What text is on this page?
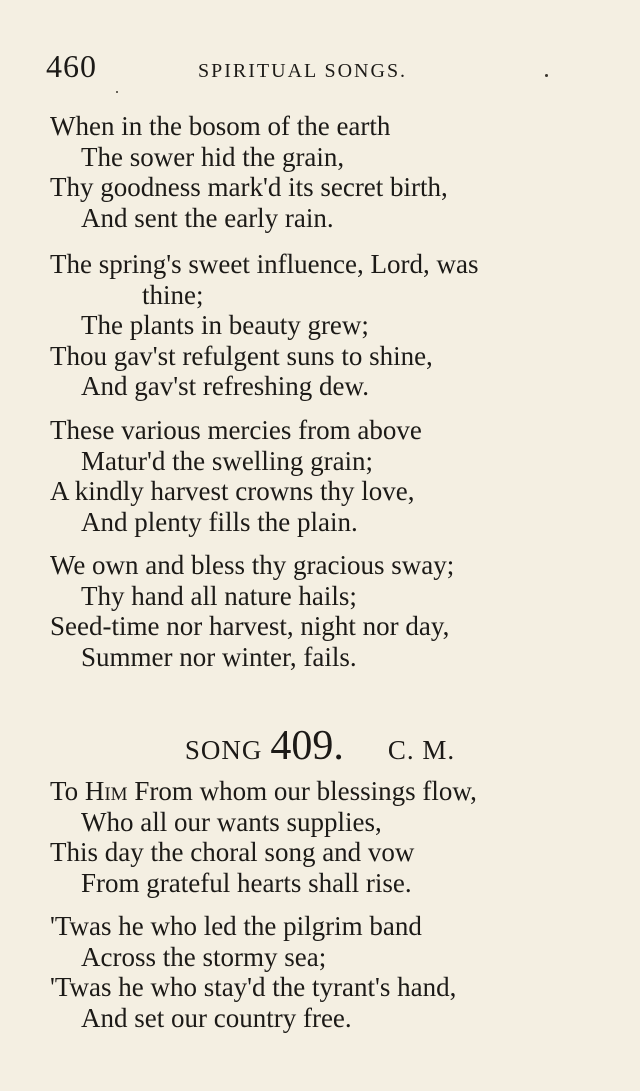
460	SPIRITUAL SONGS.
When in the bosom of the earth
The sower hid the grain,
Thy goodness mark'd its secret birth,
And sent the early rain.
The spring's sweet influence, Lord, was
thine;
The plants in beauty grew;
Thou gav'st refulgent suns to shine,
And gav'st refreshing dew.
These various mercies from above
Matur'd the swelling grain;
A kindly harvest crowns thy love,
And plenty fills the plain.
We own and bless thy gracious sway;
Thy hand all nature hails;
Seed-time nor harvest, night nor day,
Summer nor winter, fails.
SONG 409. C. M.
To Him From whom our blessings flow,
Who all our wants supplies,
This day the choral song and vow
From grateful hearts shall rise.
'Twas he who led the pilgrim band
Across the stormy sea;
'Twas he who stay'd the tyrant's hand,
And set our country free.
